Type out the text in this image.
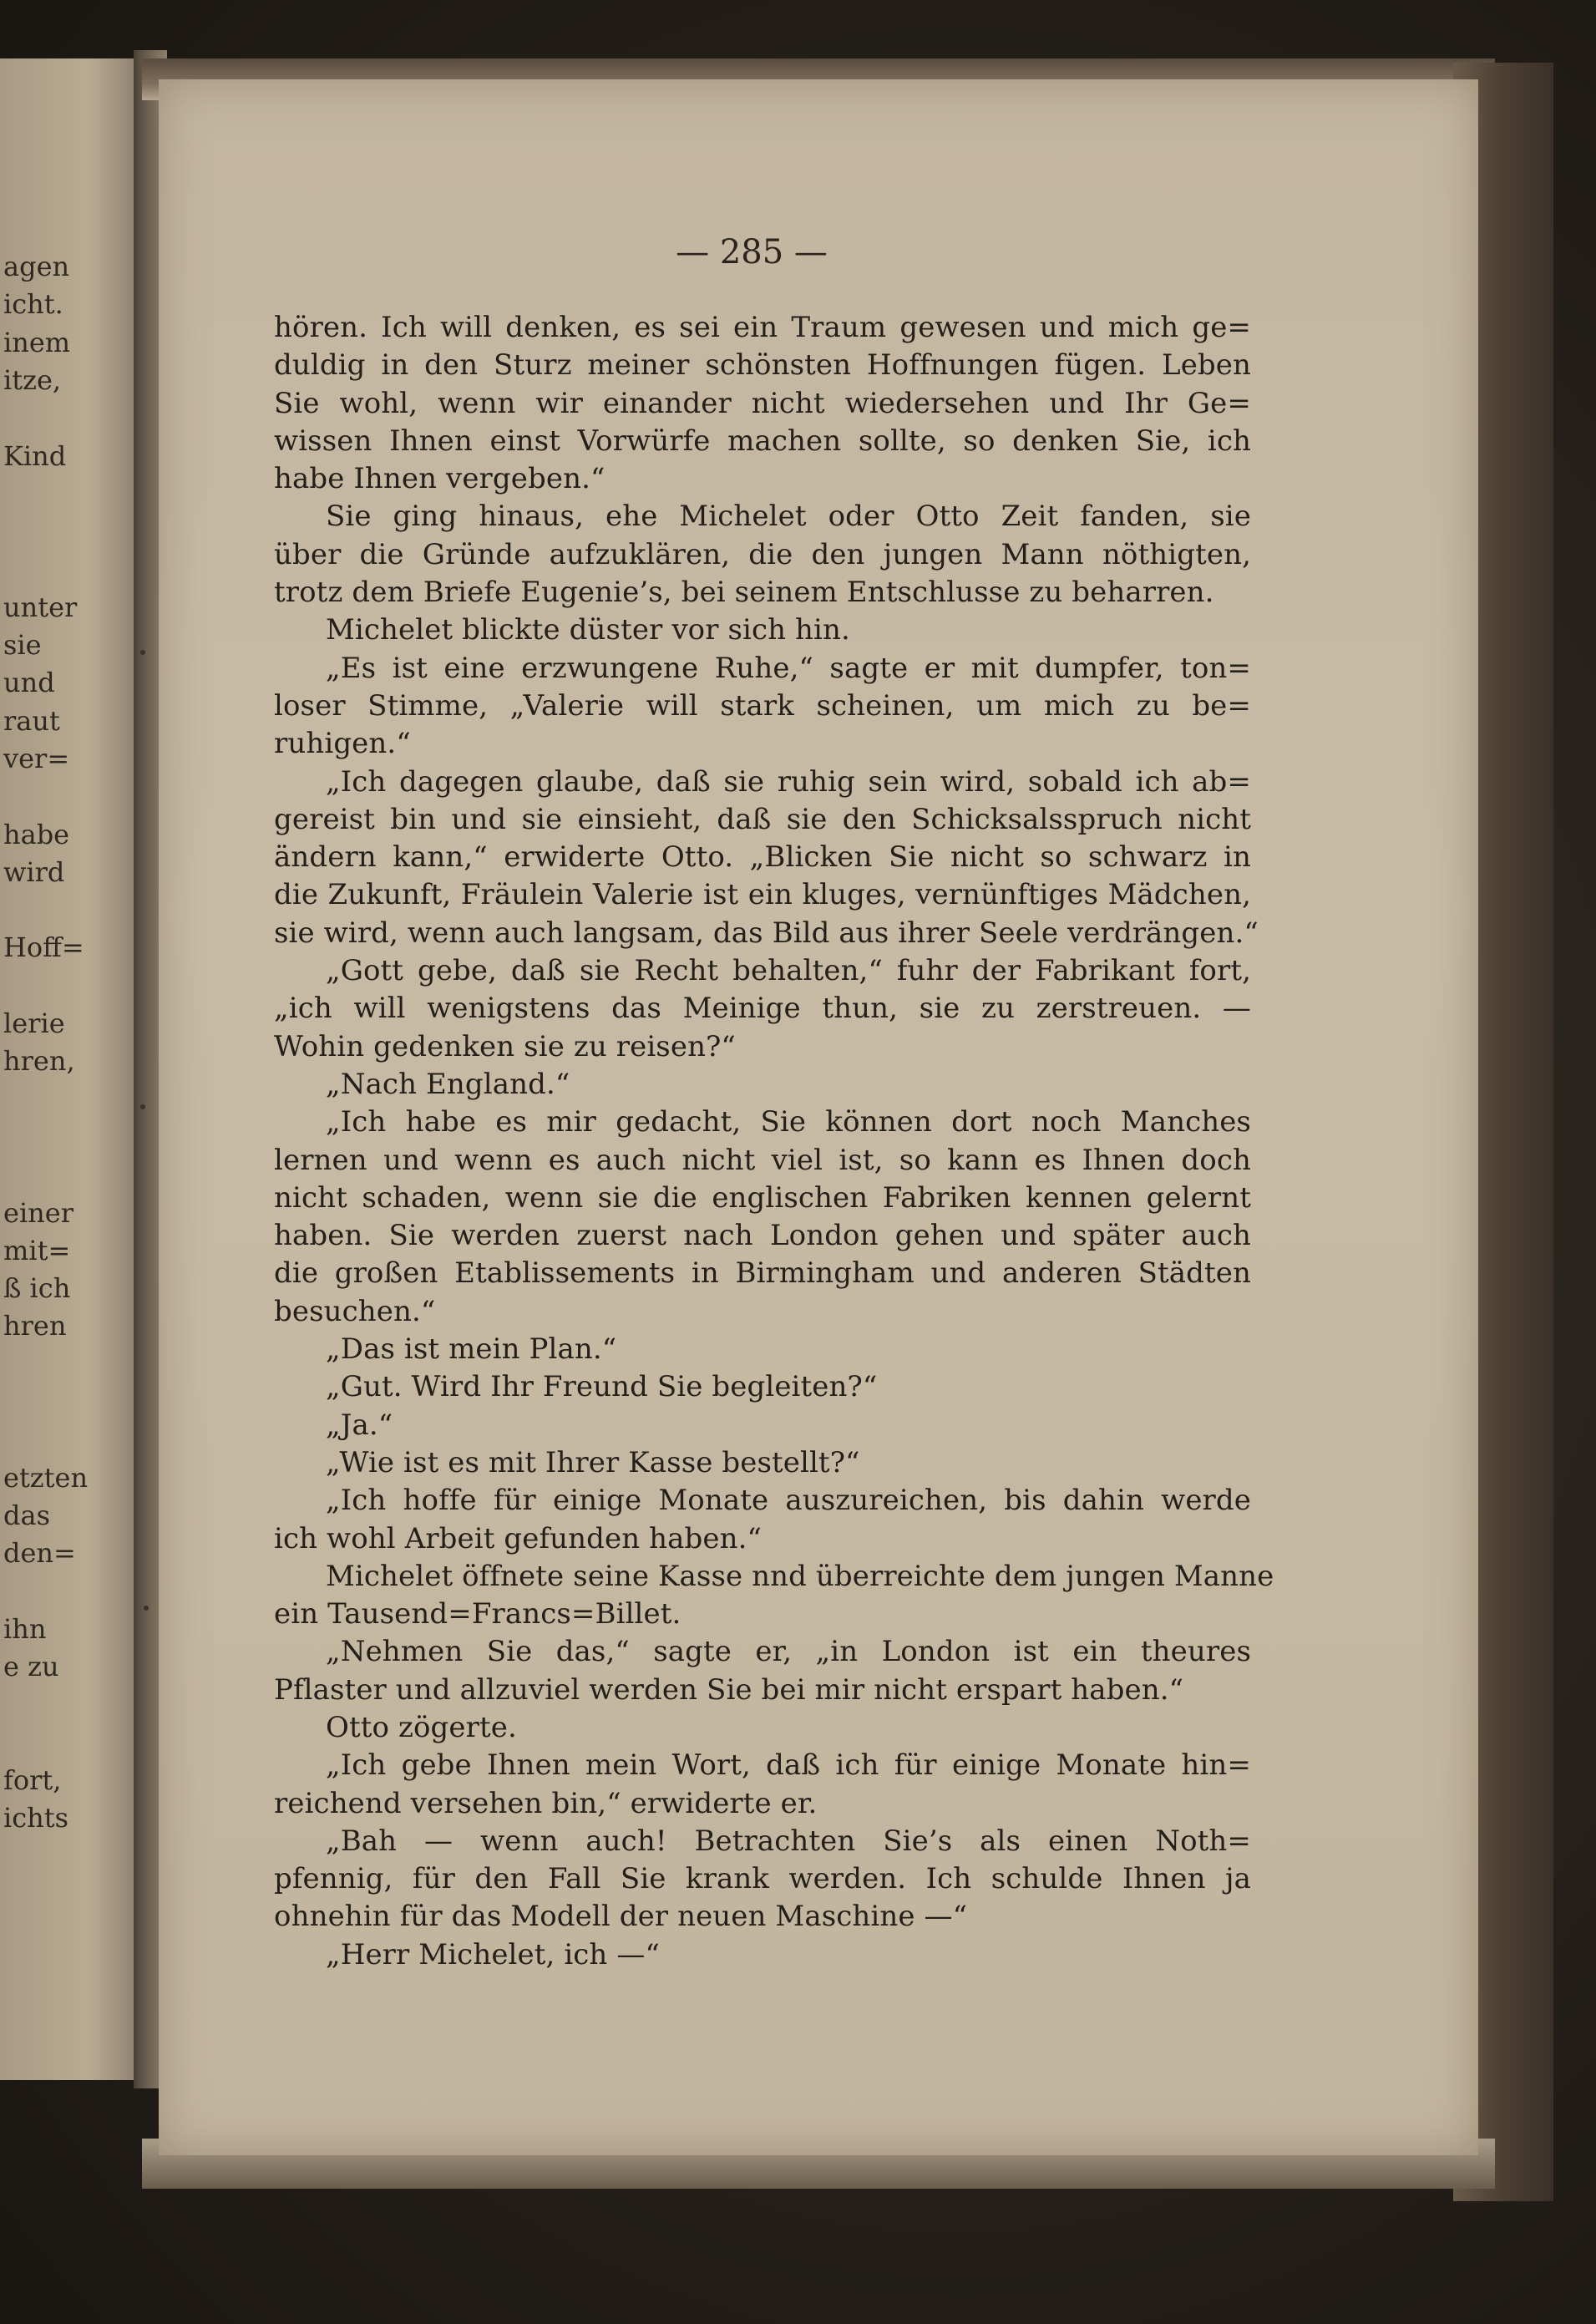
agen
icht.
inem
itze,
Kind
unter
sie
und
raut
ver=
habe
wird
Hoff=
lerie
hren,
einer
mit=
ß ich
hren
etzten
das
den=
ihn
e zu
fort,
ichts
— 285 —
hören. Ich will denken, es sei ein Traum gewesen und mich ge=
duldig in den Sturz meiner schönsten Hoffnungen fügen. Leben
Sie wohl, wenn wir einander nicht wiedersehen und Ihr Ge=
wissen Ihnen einst Vorwürfe machen sollte, so denken Sie, ich
habe Ihnen vergeben.“
Sie ging hinaus, ehe Michelet oder Otto Zeit fanden, sie
über die Gründe aufzuklären, die den jungen Mann nöthigten,
trotz dem Briefe Eugenie’s, bei seinem Entschlusse zu beharren.
Michelet blickte düster vor sich hin.
„Es ist eine erzwungene Ruhe,“ sagte er mit dumpfer, ton=
loser Stimme, „Valerie will stark scheinen, um mich zu be=
ruhigen.“
„Ich dagegen glaube, daß sie ruhig sein wird, sobald ich ab=
gereist bin und sie einsieht, daß sie den Schicksalsspruch nicht
ändern kann,“ erwiderte Otto. „Blicken Sie nicht so schwarz in
die Zukunft, Fräulein Valerie ist ein kluges, vernünftiges Mädchen,
sie wird, wenn auch langsam, das Bild aus ihrer Seele verdrängen.“
„Gott gebe, daß sie Recht behalten,“ fuhr der Fabrikant fort,
„ich will wenigstens das Meinige thun, sie zu zerstreuen. —
Wohin gedenken sie zu reisen?“
„Nach England.“
„Ich habe es mir gedacht, Sie können dort noch Manches
lernen und wenn es auch nicht viel ist, so kann es Ihnen doch
nicht schaden, wenn sie die englischen Fabriken kennen gelernt
haben. Sie werden zuerst nach London gehen und später auch
die großen Etablissements in Birmingham und anderen Städten
besuchen.“
„Das ist mein Plan.“
„Gut. Wird Ihr Freund Sie begleiten?“
„Ja.“
„Wie ist es mit Ihrer Kasse bestellt?“
„Ich hoffe für einige Monate auszureichen, bis dahin werde
ich wohl Arbeit gefunden haben.“
Michelet öffnete seine Kasse nnd überreichte dem jungen Manne
ein Tausend=Francs=Billet.
„Nehmen Sie das,“ sagte er, „in London ist ein theures
Pflaster und allzuviel werden Sie bei mir nicht erspart haben.“
Otto zögerte.
„Ich gebe Ihnen mein Wort, daß ich für einige Monate hin=
reichend versehen bin,“ erwiderte er.
„Bah — wenn auch! Betrachten Sie’s als einen Noth=
pfennig, für den Fall Sie krank werden. Ich schulde Ihnen ja
ohnehin für das Modell der neuen Maschine —“
„Herr Michelet, ich —“
